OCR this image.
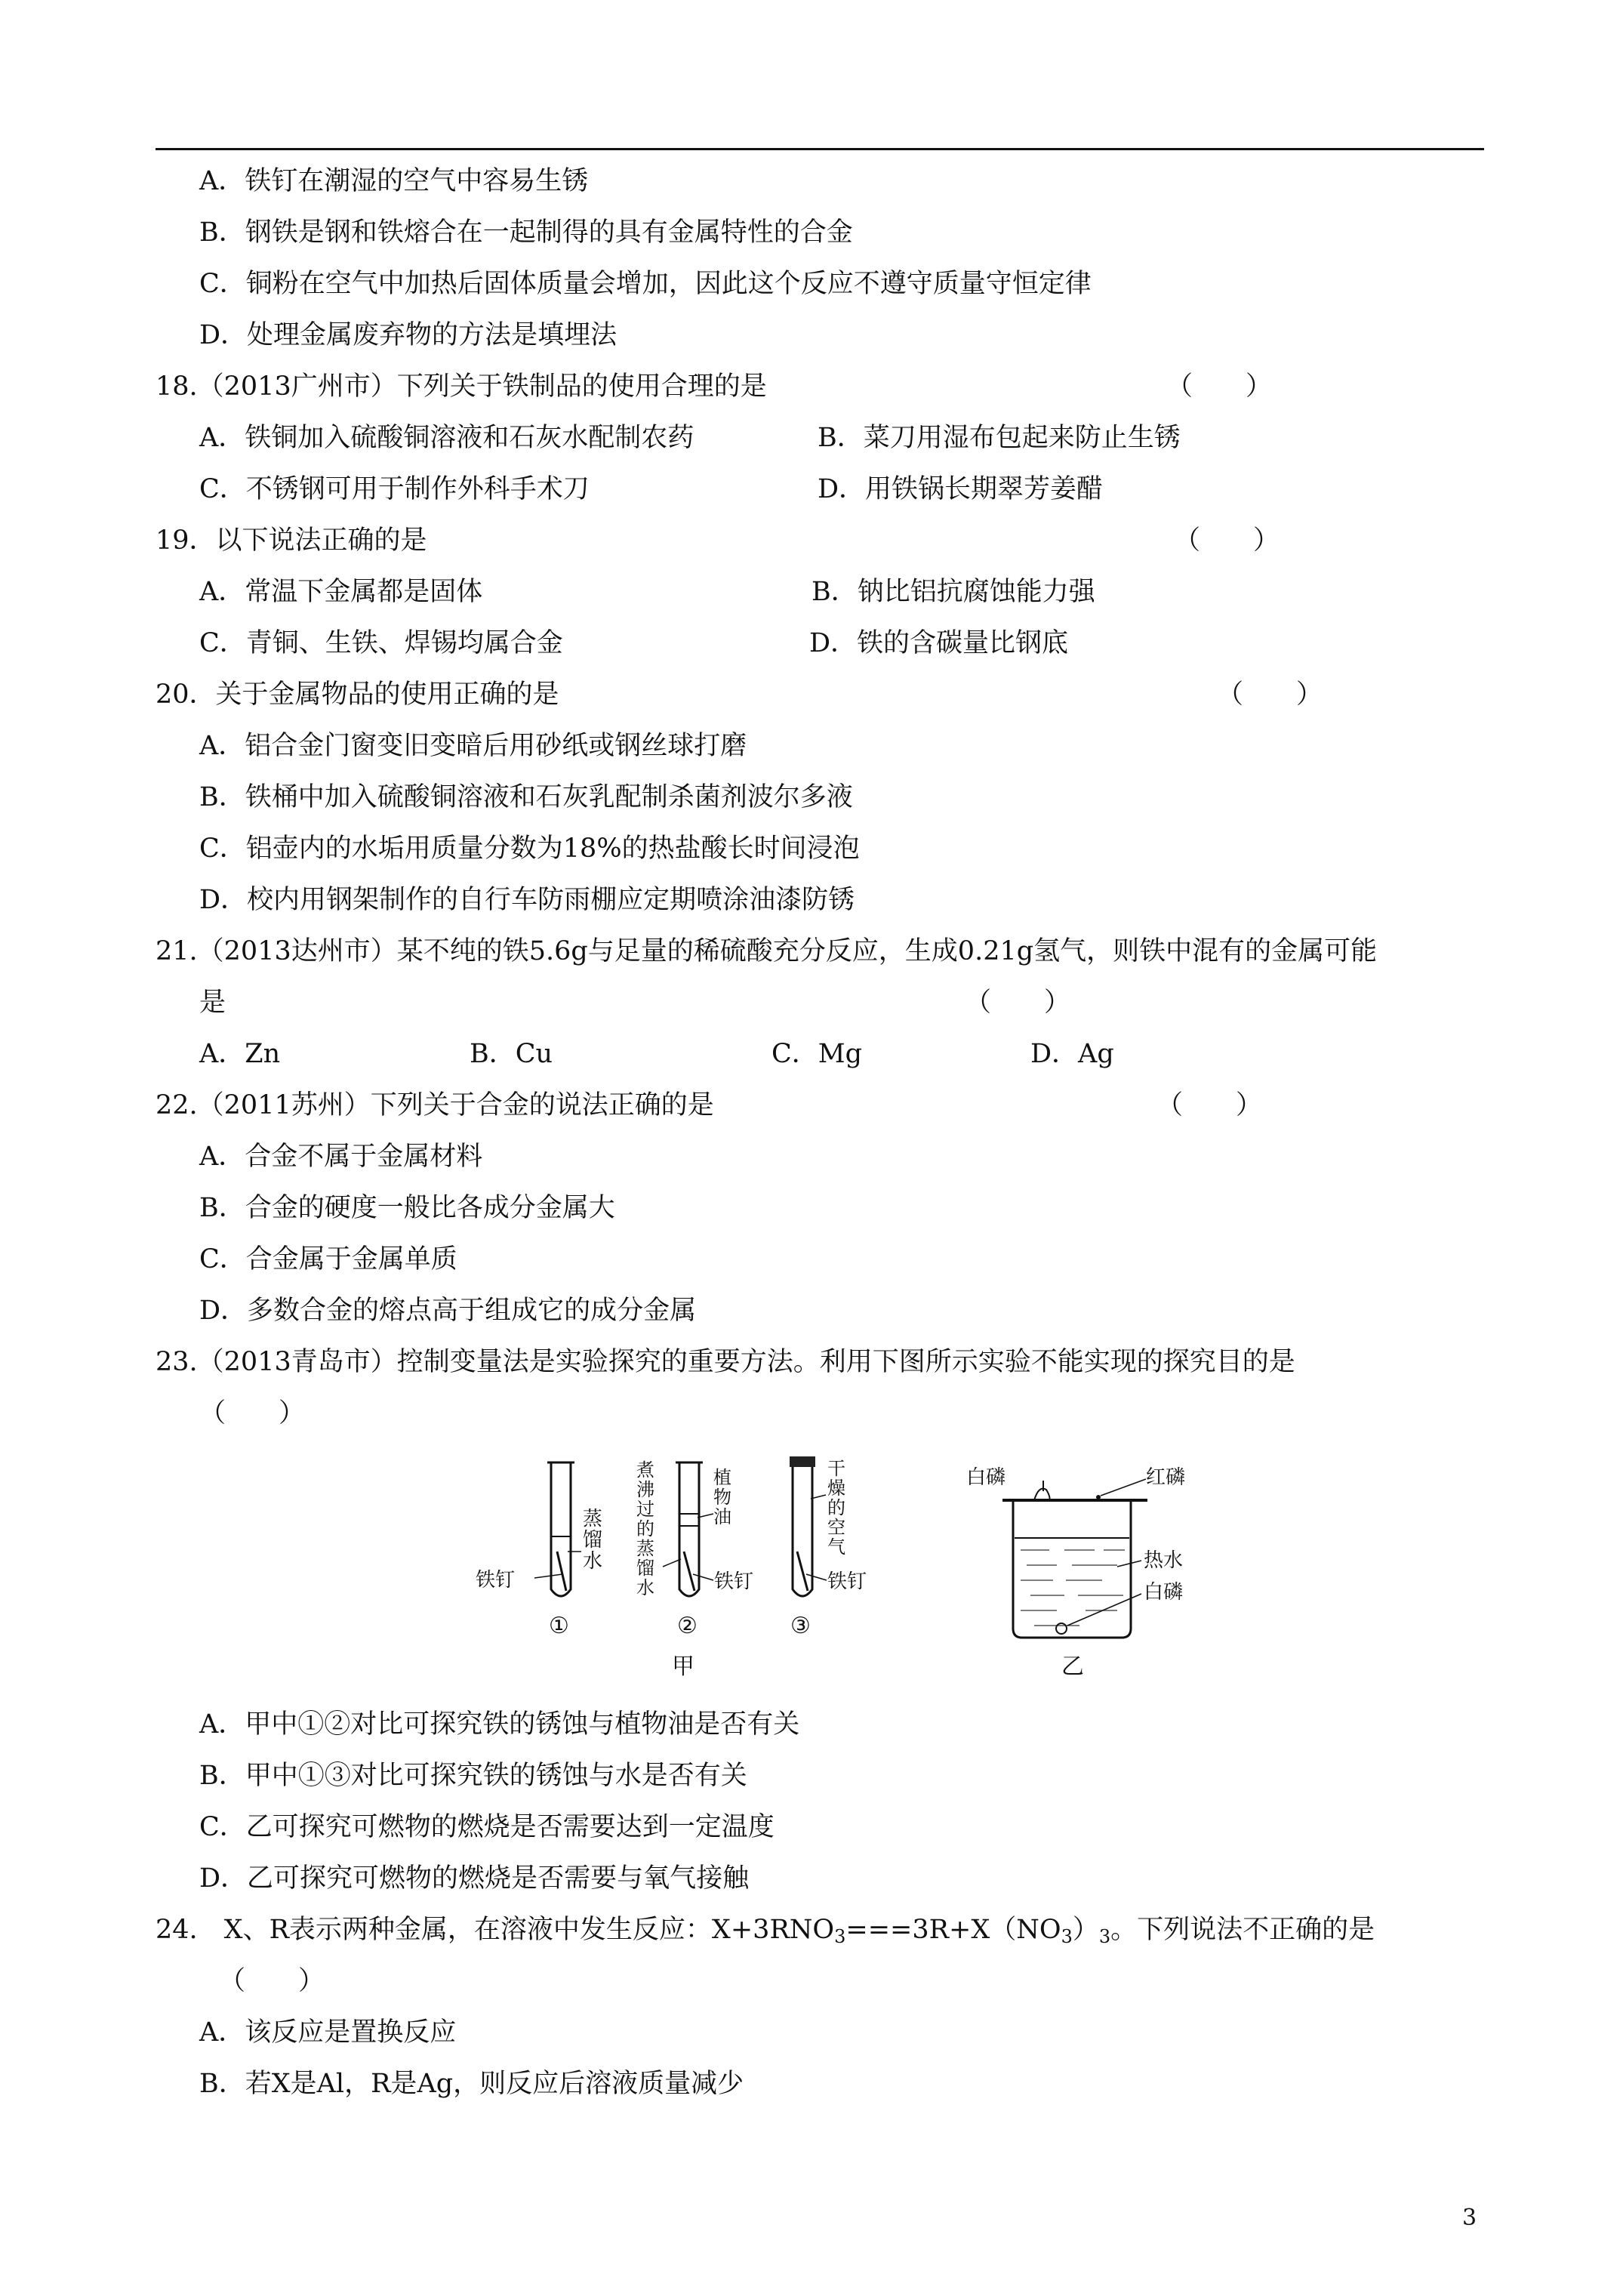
A．铁钉在潮湿的空气中容易生锈
B．钢铁是钢和铁熔合在一起制得的具有金属特性的合金
C．铜粉在空气中加热后固体质量会增加，因此这个反应不遵守质量守恒定律
D．处理金属废弃物的方法是填埋法
18.（2013广州市）下列关于铁制品的使用合理的是	（　　）
A．铁铜加入硫酸铜溶液和石灰水配制农药	B．菜刀用湿布包起来防止生锈
C．不锈钢可用于制作外科手术刀	D．用铁锅长期翠芳姜醋
19．以下说法正确的是	（　　）
A．常温下金属都是固体	B．钠比铝抗腐蚀能力强
C．青铜、生铁、焊锡均属合金	D．铁的含碳量比钢底
20．关于金属物品的使用正确的是	（　　）
A．铝合金门窗变旧变暗后用砂纸或钢丝球打磨
B．铁桶中加入硫酸铜溶液和石灰乳配制杀菌剂波尔多液
C．铝壶内的水垢用质量分数为18%的热盐酸长时间浸泡
D．校内用钢架制作的自行车防雨棚应定期喷涂油漆防锈
21.（2013达州市）某不纯的铁5.6g与足量的稀硫酸充分反应，生成0.21g氢气，则铁中混有的金属可能
是	（　　）
A．Zn	B．Cu	C．Mg	D．Ag
22.（2011苏州）下列关于合金的说法正确的是	（　　）
A．合金不属于金属材料
B．合金的硬度一般比各成分金属大
C．合金属于金属单质
D．多数合金的熔点高于组成它的成分金属
23.（2013青岛市）控制变量法是实验探究的重要方法。利用下图所示实验不能实现的探究目的是
（　　）
铁钉
蒸 馏 水
①
煮 沸 过 的 蒸 馏 水
植 物 油
铁钉
②
干 燥 的 空 气
铁钉
③
甲
白磷	红磷
热水
白磷
乙
A．甲中①②对比可探究铁的锈蚀与植物油是否有关
B．甲中①③对比可探究铁的锈蚀与水是否有关
C．乙可探究可燃物的燃烧是否需要达到一定温度
D．乙可探究可燃物的燃烧是否需要与氧气接触
24.　X、R表示两种金属，在溶液中发生反应：$X+3RNO_3===3R+X(NO_3)_3$。下列说法不正确的是
（　　）
A．该反应是置换反应
B．若X是Al，R是Ag，则反应后溶液质量减少
3
